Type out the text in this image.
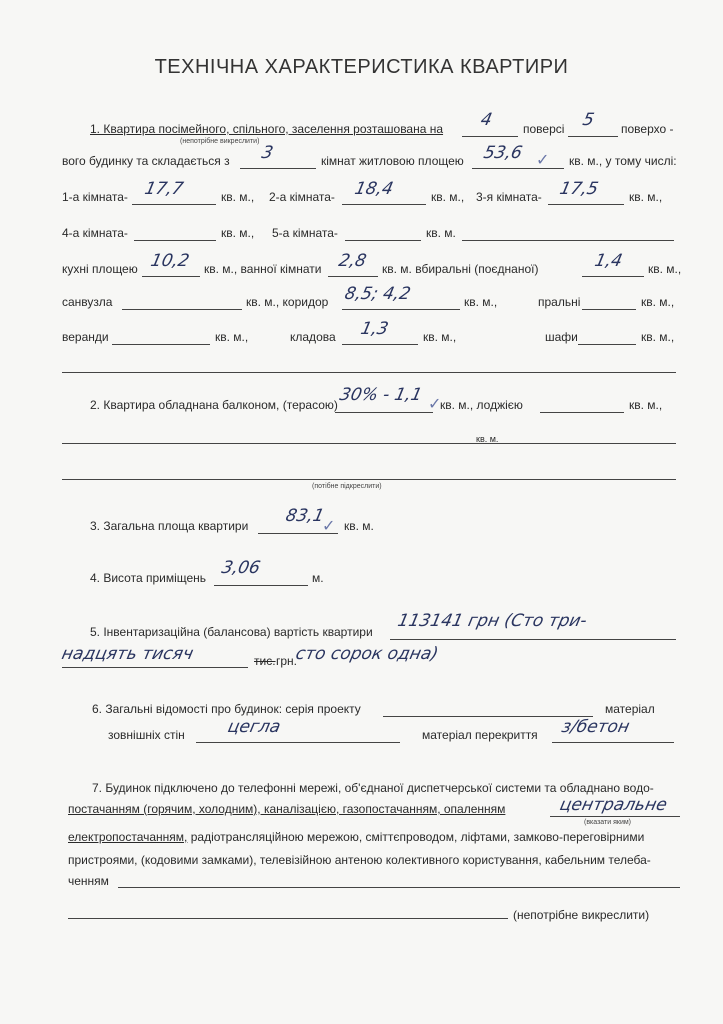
ТЕХНІЧНА ХАРАКТЕРИСТИКА КВАРТИРИ
1. Квартира посімейного, спільного, заселення розташована на 4 поверсі 5 поверхо -
(непотрібне викреслити)
вого будинку та складається з 3	кімнат житловою площею 53,6 ✓ кв. м., у тому числі:
1-а кімната- 17,7	кв. м., 2-а кімната- 18,4	кв. м., 3-я кімната- 17,5 кв. м.,
4-а кімната-	кв. м., 5-а кімната-	кв. м.
кухні площею 10,2 кв. м., ванної кімнати 2,8 кв. м. вбиральні (поєднаної)	1,4 кв. м.,
санвузла	кв. м., коридор 8,5; 4,2	кв. м.,	пральні	кв. м.,
веранди	кв. м.,	кладова 1,3	кв. м.,	шафи	кв. м.,
2. Квартира обладнана балконом, (терасою) 30% - 1,1 ✓
кв. м., лоджією	кв. м.,
кв. м.
(потібне підкреслити)
3. Загальна площа квартири 83,1
✓ кв. м.
4. Висота приміщень 3,06	м.
5. Інвентаризаційна (балансова) вартість квартири
113141 грн (Сто три-
надцять тисяч	тис. грн.
сто сорок одна)
6. Загальні відомості про будинок: серія проекту	матеріал
зовнішніх стін цегла	матеріал перекриття з/бетон
7. Будинок підключено до телефонні мережі, об'єднаної диспетчерської системи та обладнано водо-
постачанням (горячим, холодним), каналізацією, газопостачанням, опаленням	центральне
(вказати яким)
електропостачанням, радіотрансляційною мережою, сміттєпроводом, ліфтами, замково-переговірними
пристроями, (кодовими замками), телевізійною антеною колективного користування, кабельним телеба-
ченням
(непотрібне викреслити)
